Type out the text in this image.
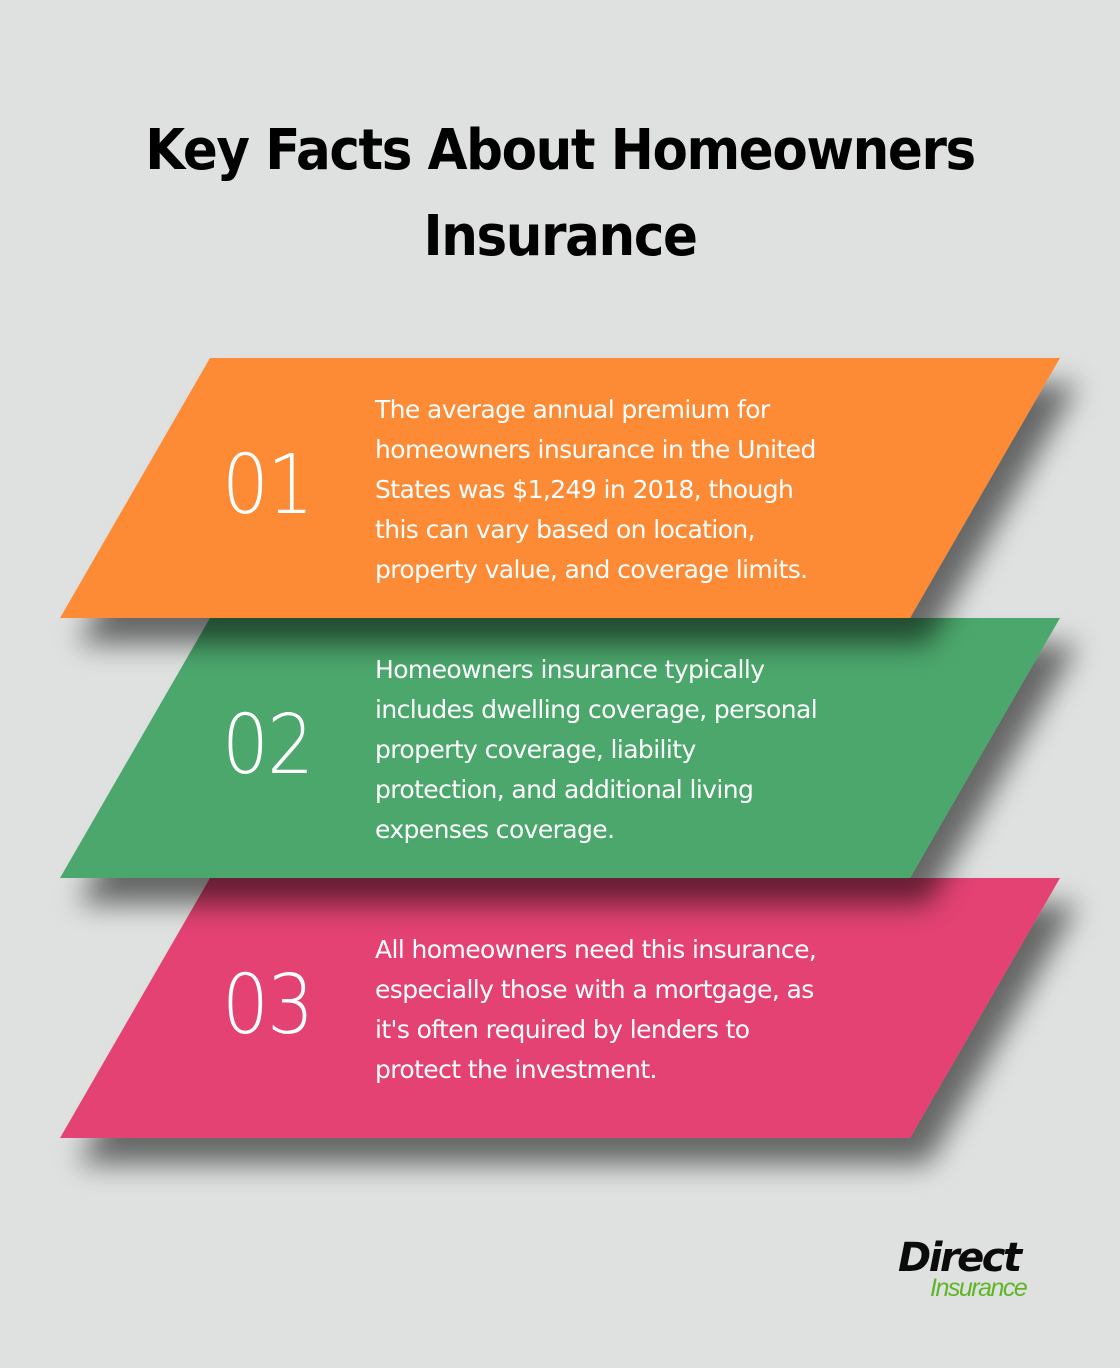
Key Facts About Homeowners
Insurance
03
All homeowners need this insurance,
especially those with a mortgage, as
it's often required by lenders to
protect the investment.
02
Homeowners insurance typically
includes dwelling coverage, personal
property coverage, liability
protection, and additional living
expenses coverage.
01
The average annual premium for
homeowners insurance in the United
States was $1,249 in 2018, though
this can vary based on location,
property value, and coverage limits.
Direct
Insurance
